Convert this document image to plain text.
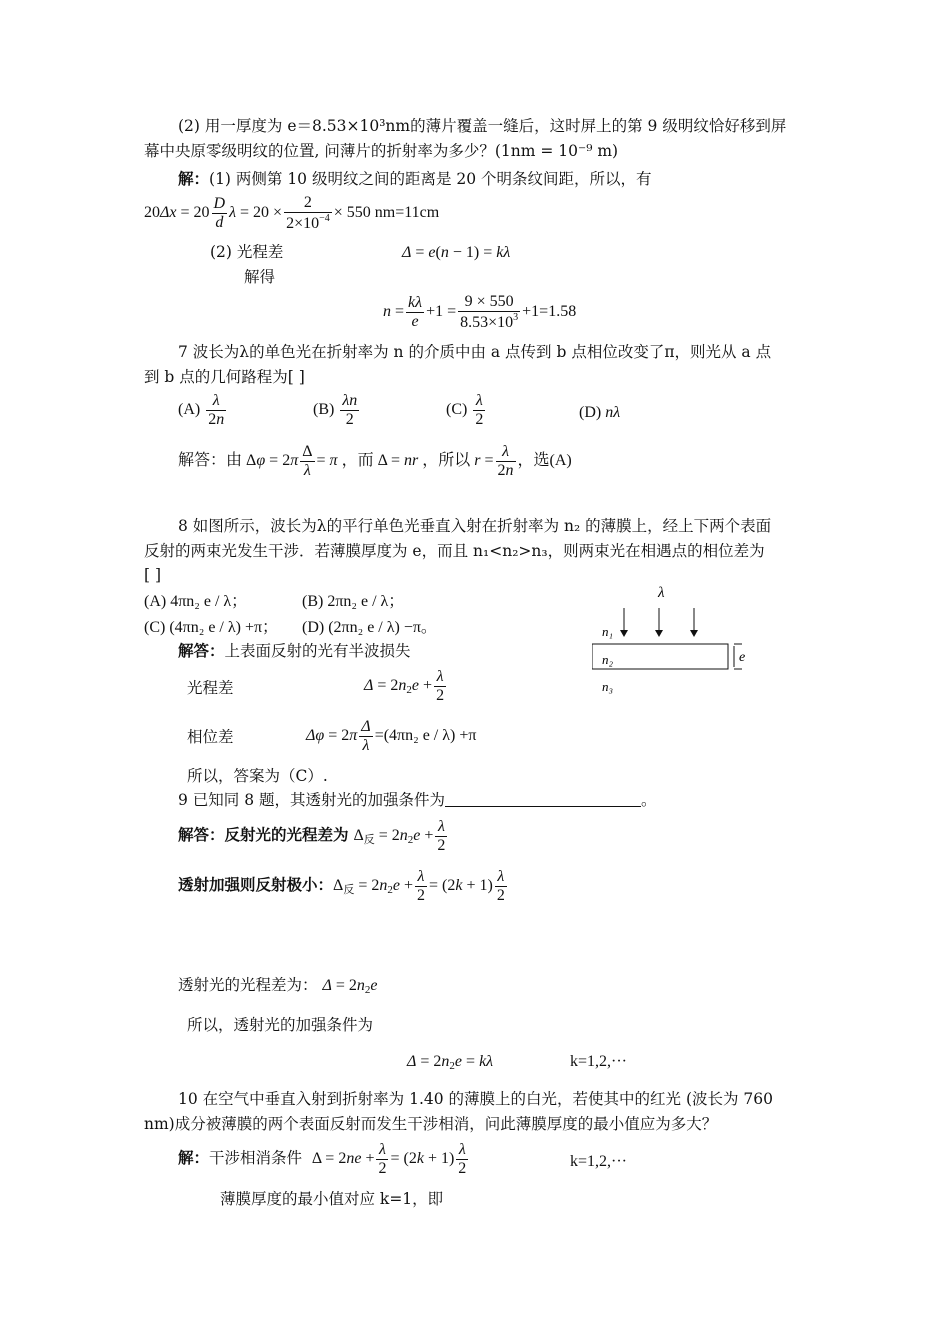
(2) 用一厚度为 e＝8.53×10³nm的薄片覆盖一缝后，这时屏上的第 9 级明纹恰好移到屏
幕中央原零级明纹的位置, 问薄片的折射率为多少？(1nm = 10⁻⁹ m)
解：(1) 两侧第 10 级明纹之间的距离是 20 个明条纹间距，所以，有
$20\Delta x = 20 \frac{D}{d}$ $\lambda = 20 \times \frac{2}{2\times 10^{-4}} \times 550$ nm=11cm
(2) 光程差	Δ = e(n − 1) = kλ
解得
$n = \frac{k\lambda}{e} +1 = \frac{9 \times 550}{8.53\times 10^3} +1=1.58$
7 波长为λ的单色光在折射率为 n 的介质中由 a 点传到 b 点相位改变了π，则光从 a 点
到 b 点的几何路程为[ ]
$(A) \frac{\lambda}{2n}$	$(B) \frac{\lambda n}{2}$	$(C) \frac{\lambda}{2}$	(D) nλ
解答：由 $\Delta\varphi = 2\pi \frac{\Delta}{\lambda} = \pi$ ，而 Δ = nr ，所以 $r = \frac{\lambda}{2n}$ ，选(A)
8 如图所示，波长为λ的平行单色光垂直入射在折射率为 n₂ 的薄膜上，经上下两个表面
反射的两束光发生干涉．若薄膜厚度为 e，而且 n₁<n₂>n₃，则两束光在相遇点的相位差为
[ ]
(A) 4πn₂ e / λ；	(B) 2πn₂ e / λ；
(C) (4πn₂ e / λ) +π； (D) (2πn₂ e / λ) −π。
解答：上表面反射的光有半波损失
光程差	$\Delta = 2n_2e + \frac{\lambda}{2}$
相位差	$\Delta\varphi = 2\pi \frac{\Delta}{\lambda} =(4\pi n_2$ e / λ) +π
所以，答案为（C）.
λ
n₁
n₂
n₃
e
9 已知同 8 题，其透射光的加强条件为	。
解答：反射光的光程差为 $\Delta_反 = 2n_2e + \frac{\lambda}{2}$
透射加强则反射极小：$\Delta_反 = 2n_2e + \frac{\lambda}{2} = (2k + 1) \frac{\lambda}{2}$
透射光的光程差为： $\Delta = 2n_2e$
所以，透射光的加强条件为
$\Delta = 2n_2e = k\lambda$	k=1,2,···
10 在空气中垂直入射到折射率为 1.40 的薄膜上的白光，若使其中的红光 (波长为 760
nm)成分被薄膜的两个表面反射而发生干涉相消，问此薄膜厚度的最小值应为多大？
解：干涉相消条件 $\Delta = 2ne + \frac{\lambda}{2} = (2k + 1) \frac{\lambda}{2}$	k=1,2,···
薄膜厚度的最小值对应 k=1，即
